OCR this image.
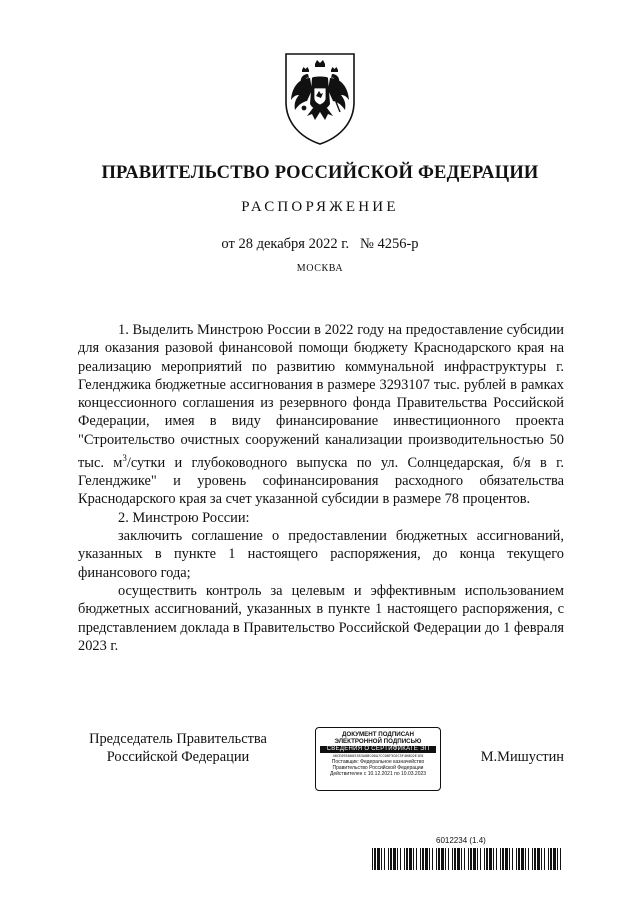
ПРАВИТЕЛЬСТВО РОССИЙСКОЙ ФЕДЕРАЦИИ
РАСПОРЯЖЕНИЕ
от 28 декабря 2022 г. № 4256-р
МОСКВА

1. Выделить Минстрою России в 2022 году на предоставление субсидии для оказания разовой финансовой помощи бюджету Краснодарского края на реализацию мероприятий по развитию коммунальной инфраструктуры г. Геленджика бюджетные ассигнования в размере 3293107 тыс. рублей в рамках концессионного соглашения из резервного фонда Правительства Российской Федерации, имея в виду финансирование инвестиционного проекта "Строительство очистных сооружений канализации производительностью 50 тыс. $м^3$/сутки и глубоководного выпуска по ул. Солнцедарская, б/я в г. Геленджике" и уровень софинансирования расходного обязательства Краснодарского края за счет указанной субсидии в размере 78 процентов.

2. Минстрою России:

заключить соглашение о предоставлении бюджетных ассигнований, указанных в пункте 1 настоящего распоряжения, до конца текущего финансового года;

осуществить контроль за целевым и эффективным использованием бюджетных ассигнований, указанных в пункте 1 настоящего распоряжения, с представлением доклада в Правительство Российской Федерации до 1 февраля 2023 г.

Председатель Правительства
Российской Федерации
ДОКУМЕНТ ПОДПИСАН
ЭЛЕКТРОННОЙ ПОДПИСЬЮ
СВЕДЕНИЯ О СЕРТИФИКАТЕ ЭП
40CE0950005383A0BC00A7CC0BF3C6C5F4H8D2E1E8
Поставщик: Федеральное казначейство
Правительство Российской Федерации
Действителен с 10.12.2021 по 10.03.2023
М.Мишустин
6012234 (1.4)
